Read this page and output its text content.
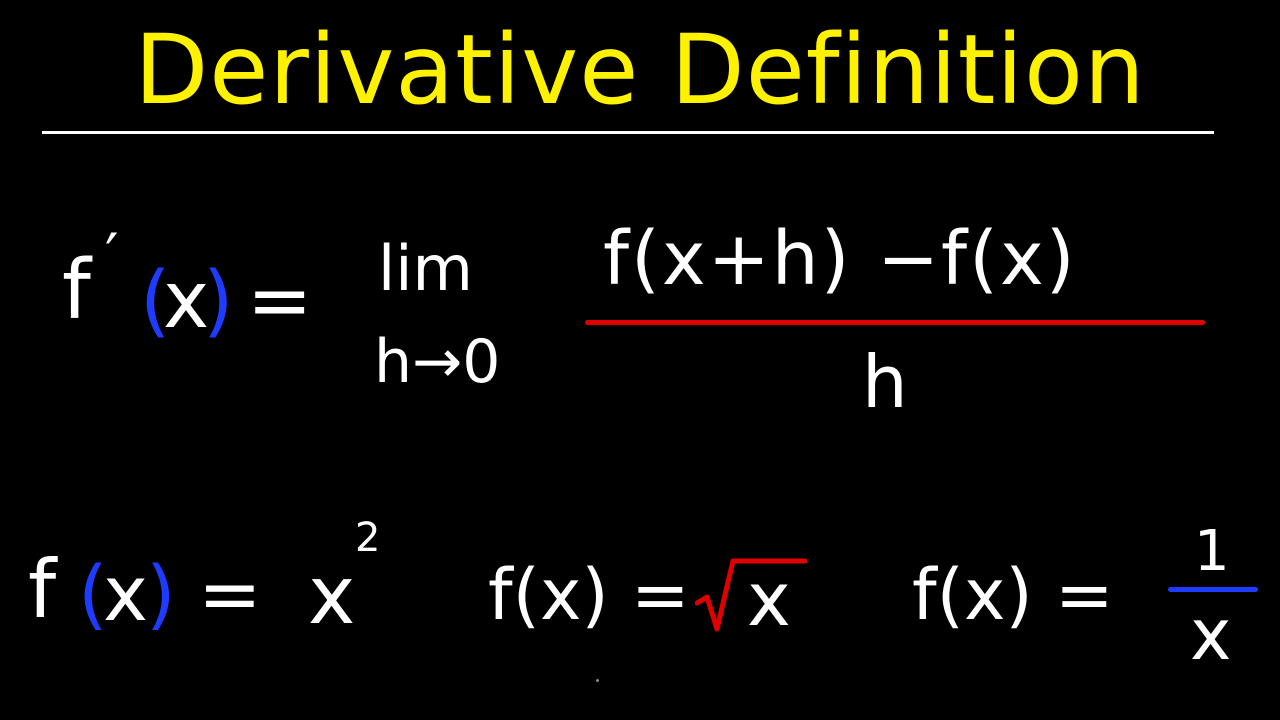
Derivative Definition
f ′ (
x
) = lim
h→0
f(x+h) −f(x)
h
f (
x
) = x
2
f(x) = x f(x) =
1
x
